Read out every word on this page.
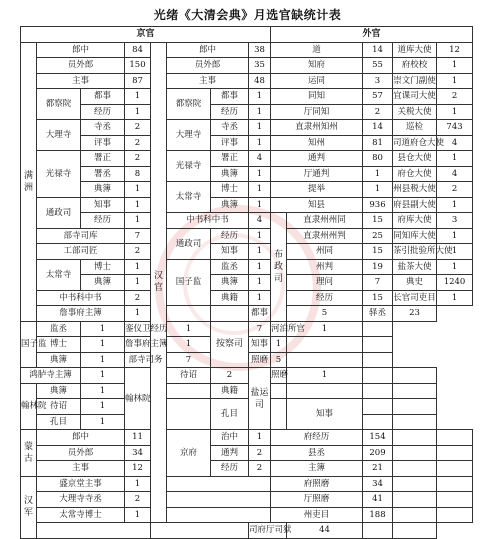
光绪《大清会典》月选官缺统计表
京官								外官				
满洲	郎中		84	汉官	郎中		38	道		14	道库大使	12
	员外郎		150		员外郎		35	知府		55	府校校	1
	主事		87		主事		48	运同		3	崇文门副使	1
	都察院	都事	1		都察院	都事	1	同知		57	宜课司大使	2
		经历	1			经历	1	厅同知		2	关税大使	1
	大理寺	寺丞	2		大理寺	寺丞	1	直隶州知州		14	巡检	743
		评事	2			评事	1	知州		81	司道府仓大使	4
	光禄寺	署正	2		光禄寺	署正	4	通判		80	县仓大使	1
		署丞	8			典簿	1	厅通判		1	府仓大使	4
		典簿	1		太常寺	博士	1	提举		1	州县税大使	2
	通政司	知事	1			典簿	1	知县		936	府县副大使	1
		经历	1		中书科中书		4	布政司	直隶州州同	15	府库大使	3
	部寺司库		7		通政司	经历	1		直隶州州判	25	同知库大使	1
	工部司匠		2			知事	1		州同	15	茶引批验所大使	1
	太常寺	博士	1		国子监	监丞	1		州判	19	盐茶大使	1
		典簿	1			典簿	1		理问	7	典史	1240
	中书科中书		2			典籍	1		经历	15	长官司吏目	1
	詹事府主簿		1				都事		5	驿丞	23	
国子监	监丞	1	銮仪卫经历		1	按察司	7	河泊所官	1			
	博士	1	詹事府主簿		1		知事	1				
	典簿	1	部寺司务		7		照磨	5				
鸿胪寺主簿		1	翰林院		待诏	2	盐运司	照磨	1			
翰林院	典簿	1				典籍						
	待诏	1				孔目			知事			
	孔目	1										
蒙古	郎中		11		京府	治中	1	府经历		154		
	员外郎		34			通判	2	县丞		209		
	主事		12			经历	2	主簿		21		
汉军	盛京堂主事		1					府照磨		34		
	大理寺寺丞		2					厅照磨		41		
	太常寺博士		1					州吏目		188		
							司府厅司狱		44			
